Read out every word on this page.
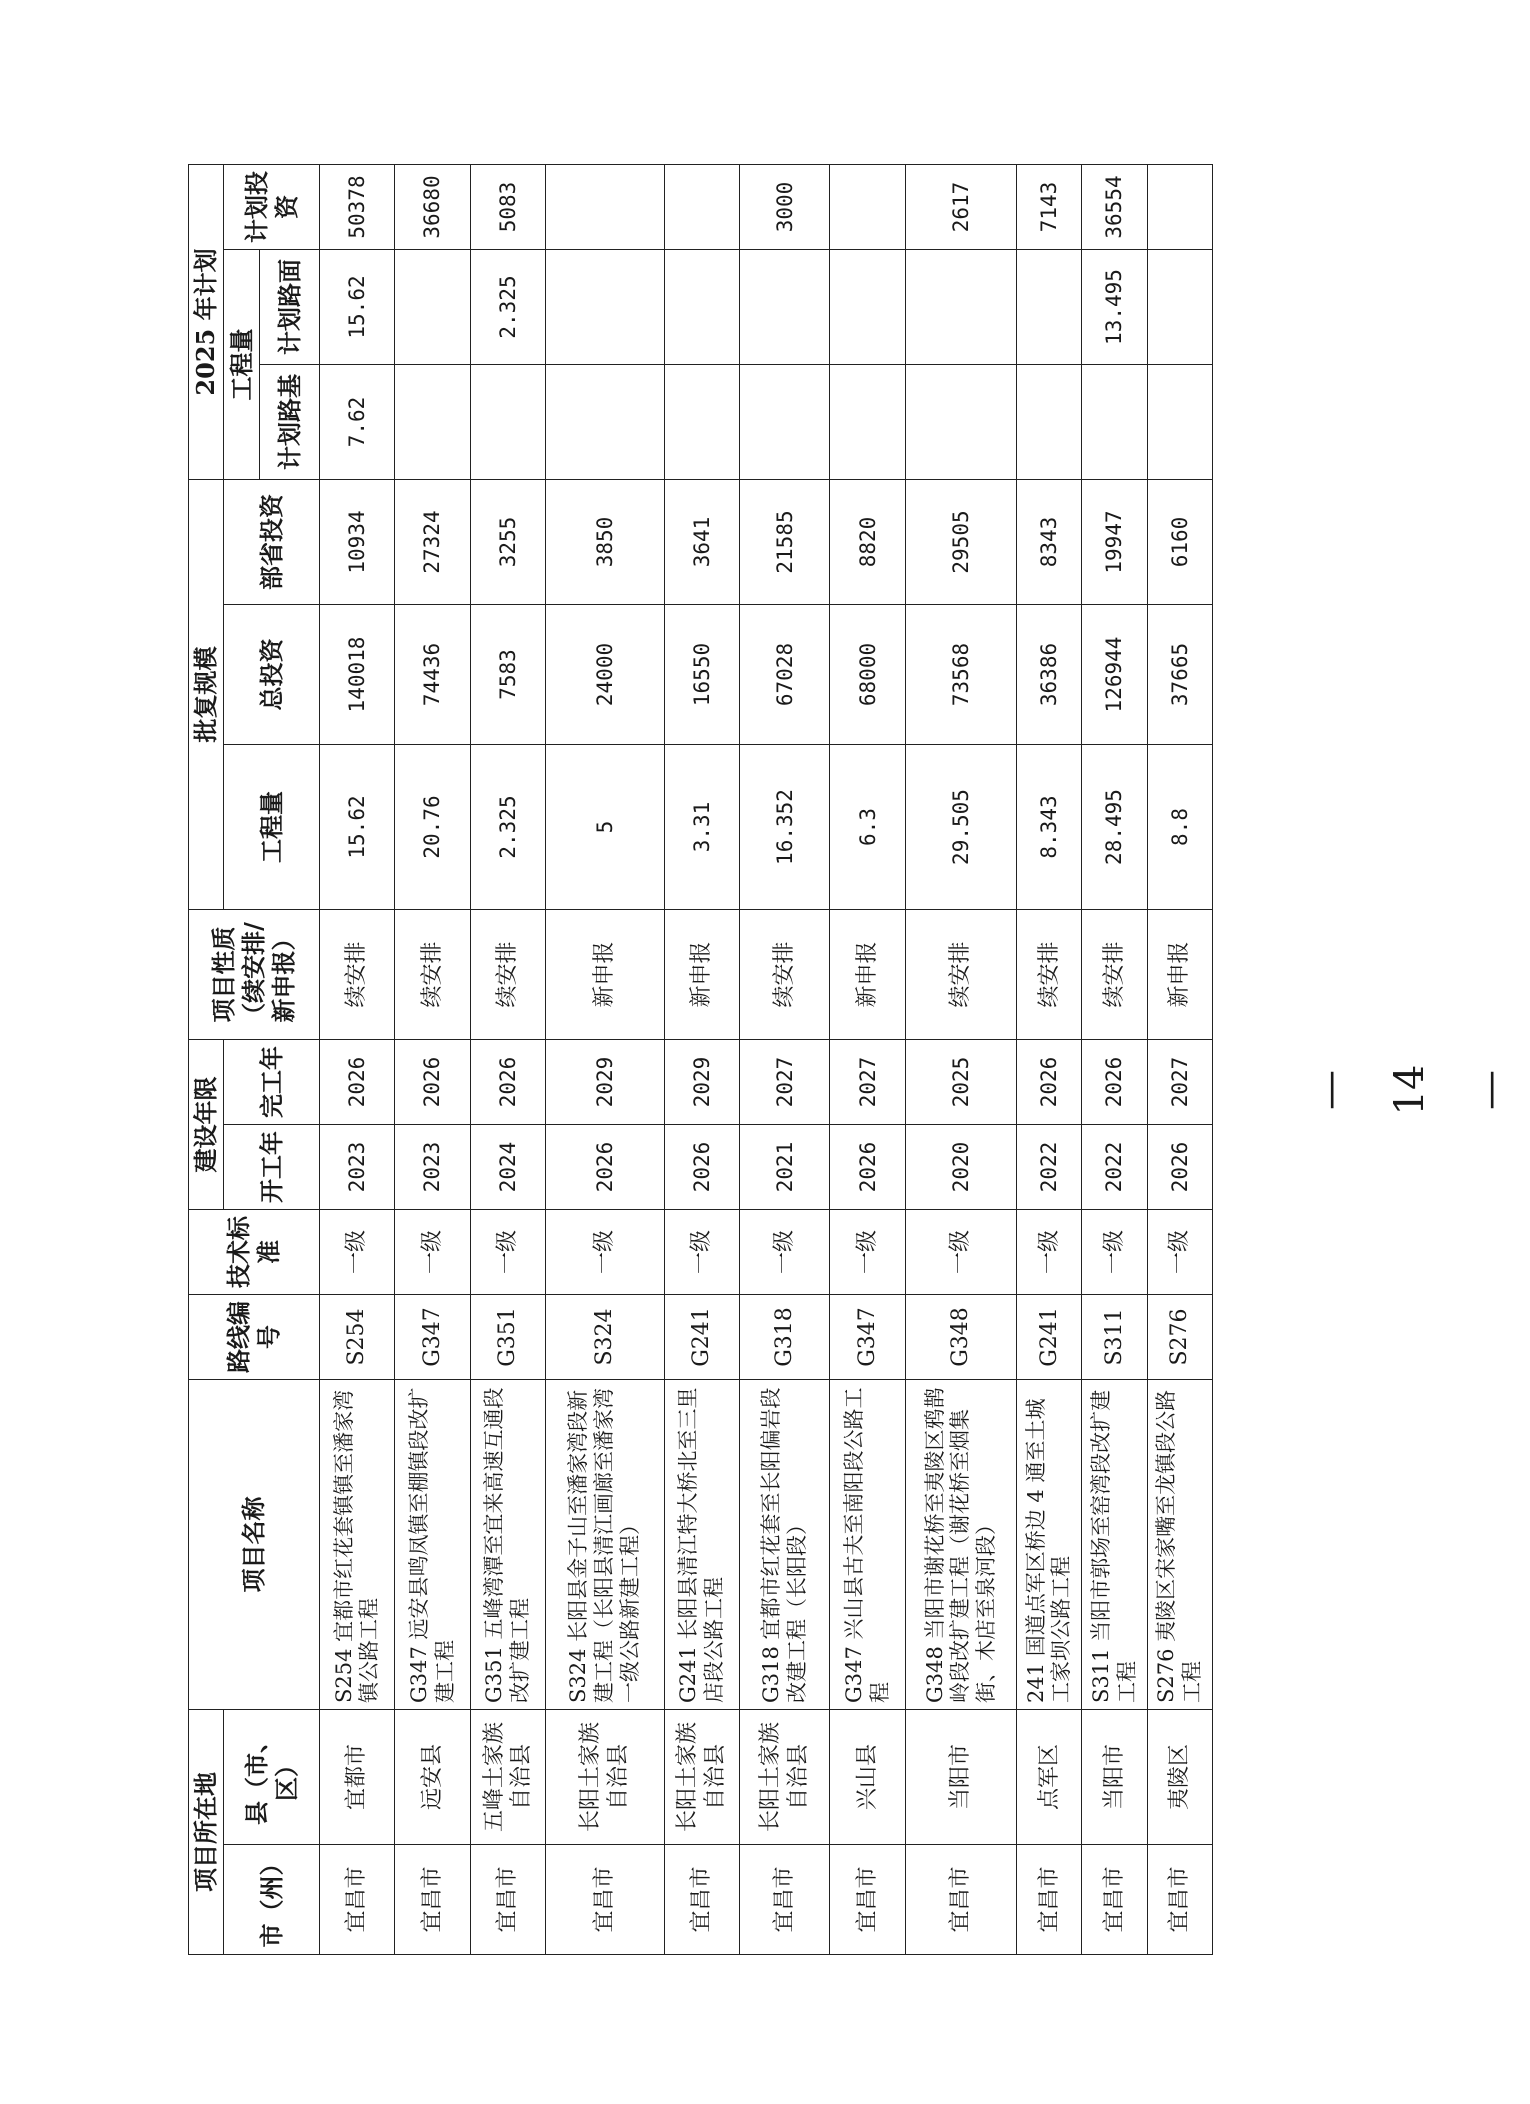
项目所在地		项目名称	路线编号	技术标准	建设年限		项目性质（续安排/新申报）	批复规模			2025 年计划		
市（州）	县（市、区）				开工年	完工年		工程量	总投资	部省投资	工程量		计划投资
											计划路基	计划路面	
宜昌市	宜都市	S254 宜都市红花套镇镇至潘家湾镇公路工程	S254	一级	2023	2026	续安排	15.62	140018	10934	7.62	15.62	50378
宜昌市	远安县	G347 远安县鸣凤镇至棚镇段改扩建工程	G347	一级	2023	2026	续安排	20.76	74436	27324			36680
宜昌市	五峰土家族自治县	G351 五峰湾潭至宜来高速互通段改扩建工程	G351	一级	2024	2026	续安排	2.325	7583	3255		2.325	5083
宜昌市	长阳土家族自治县	S324 长阳县金子山至潘家湾段新建工程（长阳县清江画廊至潘家湾一级公路新建工程）	S324	一级	2026	2029	新申报	5	24000	3850			
宜昌市	长阳土家族自治县	G241 长阳县清江特大桥北至三里店段公路工程	G241	一级	2026	2029	新申报	3.31	16550	3641			
宜昌市	长阳土家族自治县	G318 宜都市红花套至长阳偏岩段改建工程（长阳段）	G318	一级	2021	2027	续安排	16.352	67028	21585			3000
宜昌市	兴山县	G347 兴山县古夫至南阳段公路工程	G347	一级	2026	2027	新申报	6.3	68000	8820			
宜昌市	当阳市	G348 当阳市谢花桥至夷陵区鸦鹊岭段改扩建工程（谢花桥至烟集街、木店至泉河段）	G348	一级	2020	2025	续安排	29.505	73568	29505			2617
宜昌市	点军区	241 国道点军区桥边 4 通至土城工家坝公路工程	G241	一级	2022	2026	续安排	8.343	36386	8343			7143
宜昌市	当阳市	S311 当阳市郭场至窑湾段改扩建工程	S311	一级	2022	2026	续安排	28.495	126944	19947		13.495	36554
宜昌市	夷陵区	S276 夷陵区宋家嘴至龙镇段公路工程	S276	一级	2026	2027	新申报	8.8	37665	6160			
— 14 —
